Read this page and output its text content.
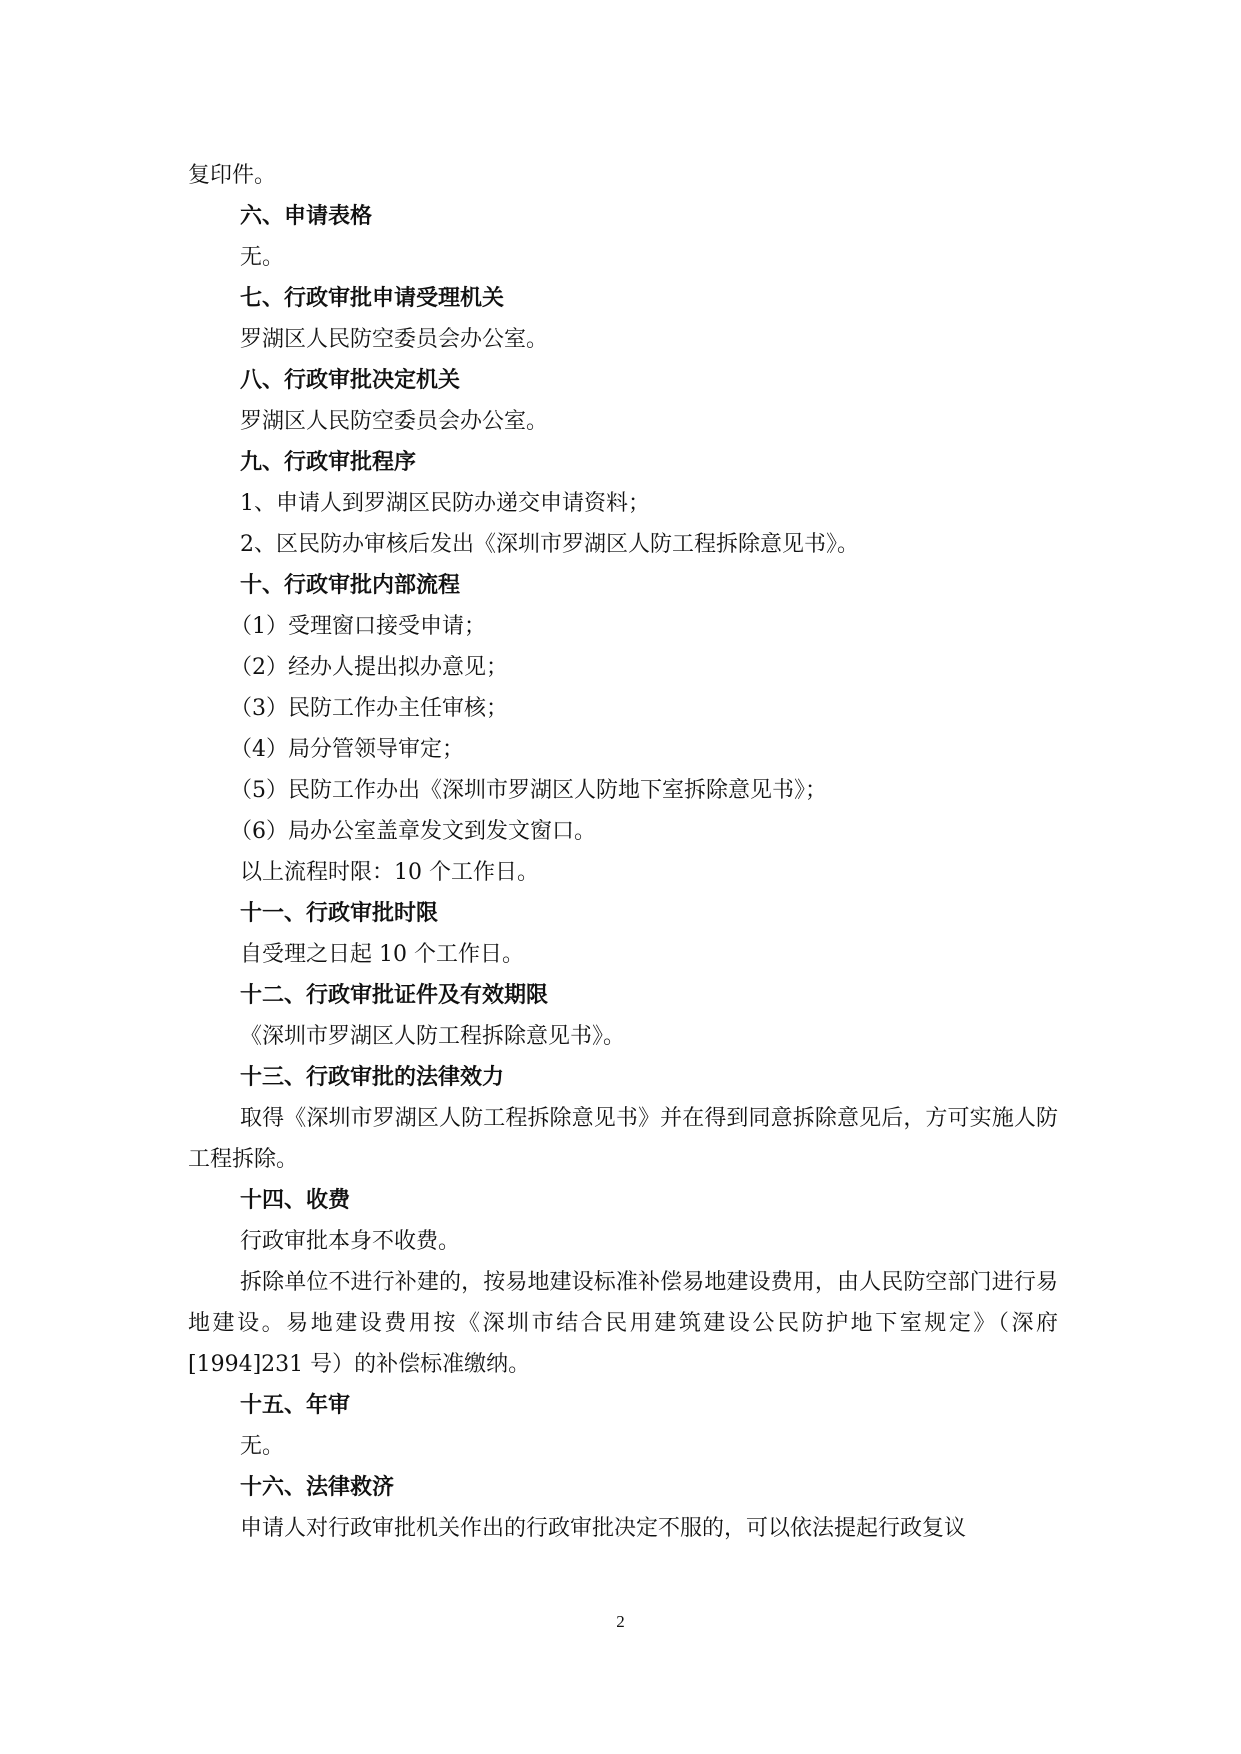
复印件。
六、申请表格
无。
七、行政审批申请受理机关
罗湖区人民防空委员会办公室。
八、行政审批决定机关
罗湖区人民防空委员会办公室。
九、行政审批程序
1、申请人到罗湖区民防办递交申请资料；
2、区民防办审核后发出《深圳市罗湖区人防工程拆除意见书》。
十、行政审批内部流程
（1）受理窗口接受申请；
（2）经办人提出拟办意见；
（3）民防工作办主任审核；
（4）局分管领导审定；
（5）民防工作办出《深圳市罗湖区人防地下室拆除意见书》；
（6）局办公室盖章发文到发文窗口。
以上流程时限：10 个工作日。
十一、行政审批时限
自受理之日起 10 个工作日。
十二、行政审批证件及有效期限
《深圳市罗湖区人防工程拆除意见书》。
十三、行政审批的法律效力
取得《深圳市罗湖区人防工程拆除意见书》并在得到同意拆除意见后，方可实施人防工程拆除。
十四、收费
行政审批本身不收费。
拆除单位不进行补建的，按易地建设标准补偿易地建设费用，由人民防空部门进行易地建设。易地建设费用按《深圳市结合民用建筑建设公民防护地下室规定》（深府[1994]231 号）的补偿标准缴纳。
十五、年审
无。
十六、法律救济
申请人对行政审批机关作出的行政审批决定不服的，可以依法提起行政复议
2
